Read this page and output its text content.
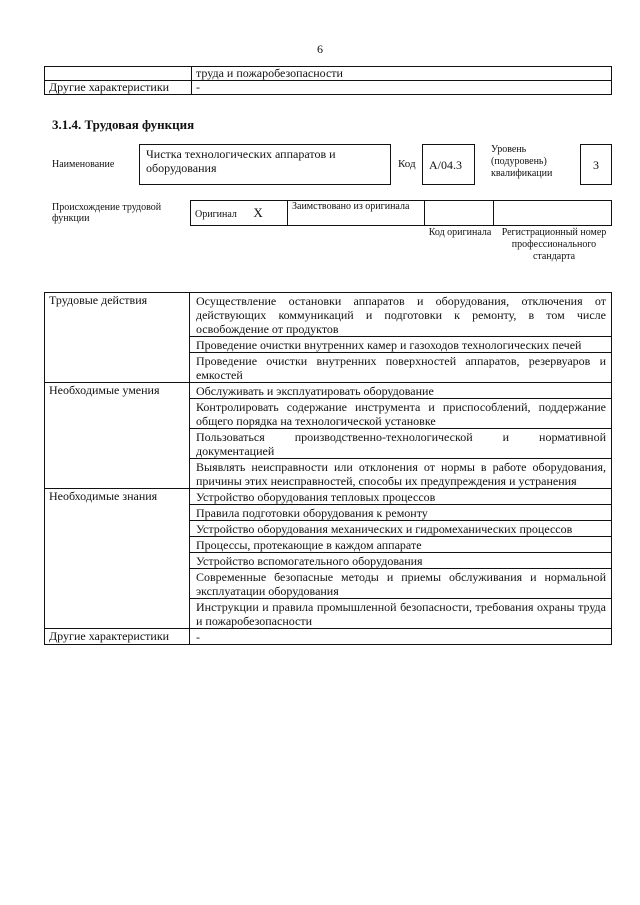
6
	труда и пожаробезопасности
Другие характеристики	-
3.1.4. Трудовая функция
Наименование
Чистка технологических аппаратов и оборудования	Код	А/04.3
Уровень (подуровень) квалификации
3
Происхождение трудовой функции	Оригинал Х	Заимствовано из оригинала		
Код оригинала	Регистрационный номер профессионального стандарта
Трудовые действия	Осуществление остановки аппаратов и оборудования, отключения от действующих коммуникаций и подготовки к ремонту, в том числе освобождение от продуктов
	Проведение очистки внутренних камер и газоходов технологических печей
	Проведение очистки внутренних поверхностей аппаратов, резервуаров и емкостей
Необходимые умения	Обслуживать и эксплуатировать оборудование
	Контролировать содержание инструмента и приспособлений, поддержание общего порядка на технологической установке
	Пользоваться производственно-технологической и нормативной документацией
	Выявлять неисправности или отклонения от нормы в работе оборудования, причины этих неисправностей, способы их предупреждения и устранения
Необходимые знания	Устройство оборудования тепловых процессов
	Правила подготовки оборудования к ремонту
	Устройство оборудования механических и гидромеханических процессов
	Процессы, протекающие в каждом аппарате
	Устройство вспомогательного оборудования
	Современные безопасные методы и приемы обслуживания и нормальной эксплуатации оборудования
	Инструкции и правила промышленной безопасности, требования охраны труда и пожаробезопасности
Другие характеристики	-
